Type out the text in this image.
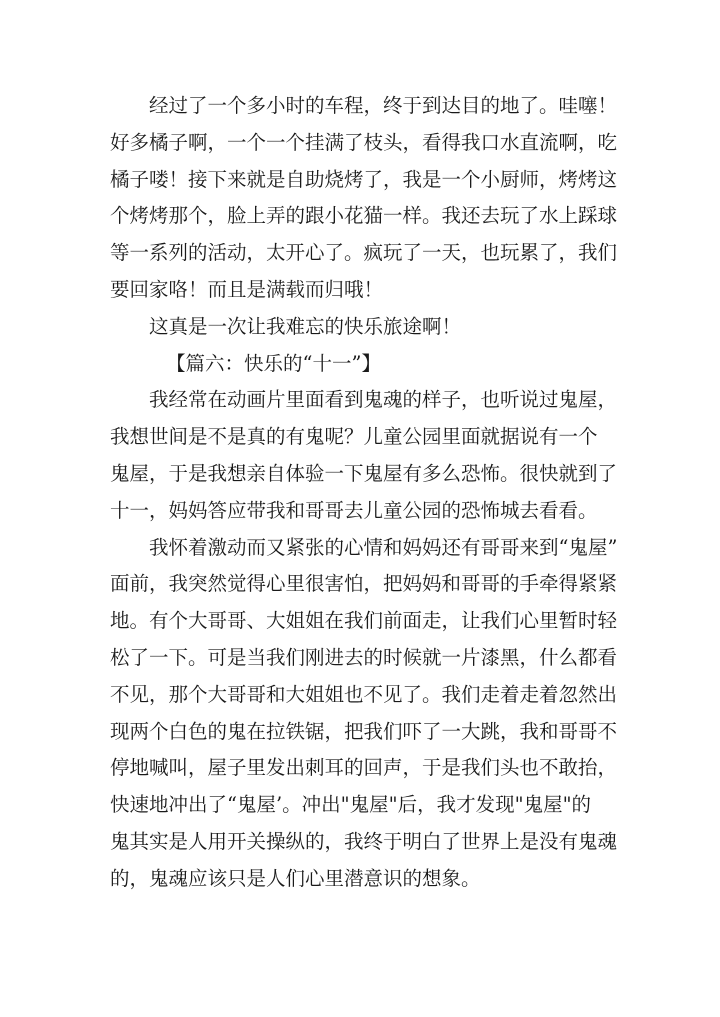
经过了一个多小时的车程，终于到达目的地了。哇噻！
好多橘子啊，一个一个挂满了枝头，看得我口水直流啊，吃
橘子喽！接下来就是自助烧烤了，我是一个小厨师，烤烤这
个烤烤那个，脸上弄的跟小花猫一样。我还去玩了水上踩球
等一系列的活动，太开心了。疯玩了一天，也玩累了，我们
要回家咯！而且是满载而归哦！
这真是一次让我难忘的快乐旅途啊！
【篇六：快乐的“十一”】
我经常在动画片里面看到鬼魂的样子，也听说过鬼屋，
我想世间是不是真的有鬼呢？儿童公园里面就据说有一个
鬼屋，于是我想亲自体验一下鬼屋有多么恐怖。很快就到了
十一，妈妈答应带我和哥哥去儿童公园的恐怖城去看看。
我怀着激动而又紧张的心情和妈妈还有哥哥来到“鬼屋”
面前，我突然觉得心里很害怕，把妈妈和哥哥的手牵得紧紧
地。有个大哥哥、大姐姐在我们前面走，让我们心里暂时轻
松了一下。可是当我们刚进去的时候就一片漆黑，什么都看
不见，那个大哥哥和大姐姐也不见了。我们走着走着忽然出
现两个白色的鬼在拉铁锯，把我们吓了一大跳，我和哥哥不
停地喊叫，屋子里发出刺耳的回声，于是我们头也不敢抬，
快速地冲出了“鬼屋’。冲出"鬼屋"后，我才发现"鬼屋"的
鬼其实是人用开关操纵的，我终于明白了世界上是没有鬼魂
的，鬼魂应该只是人们心里潜意识的想象。
